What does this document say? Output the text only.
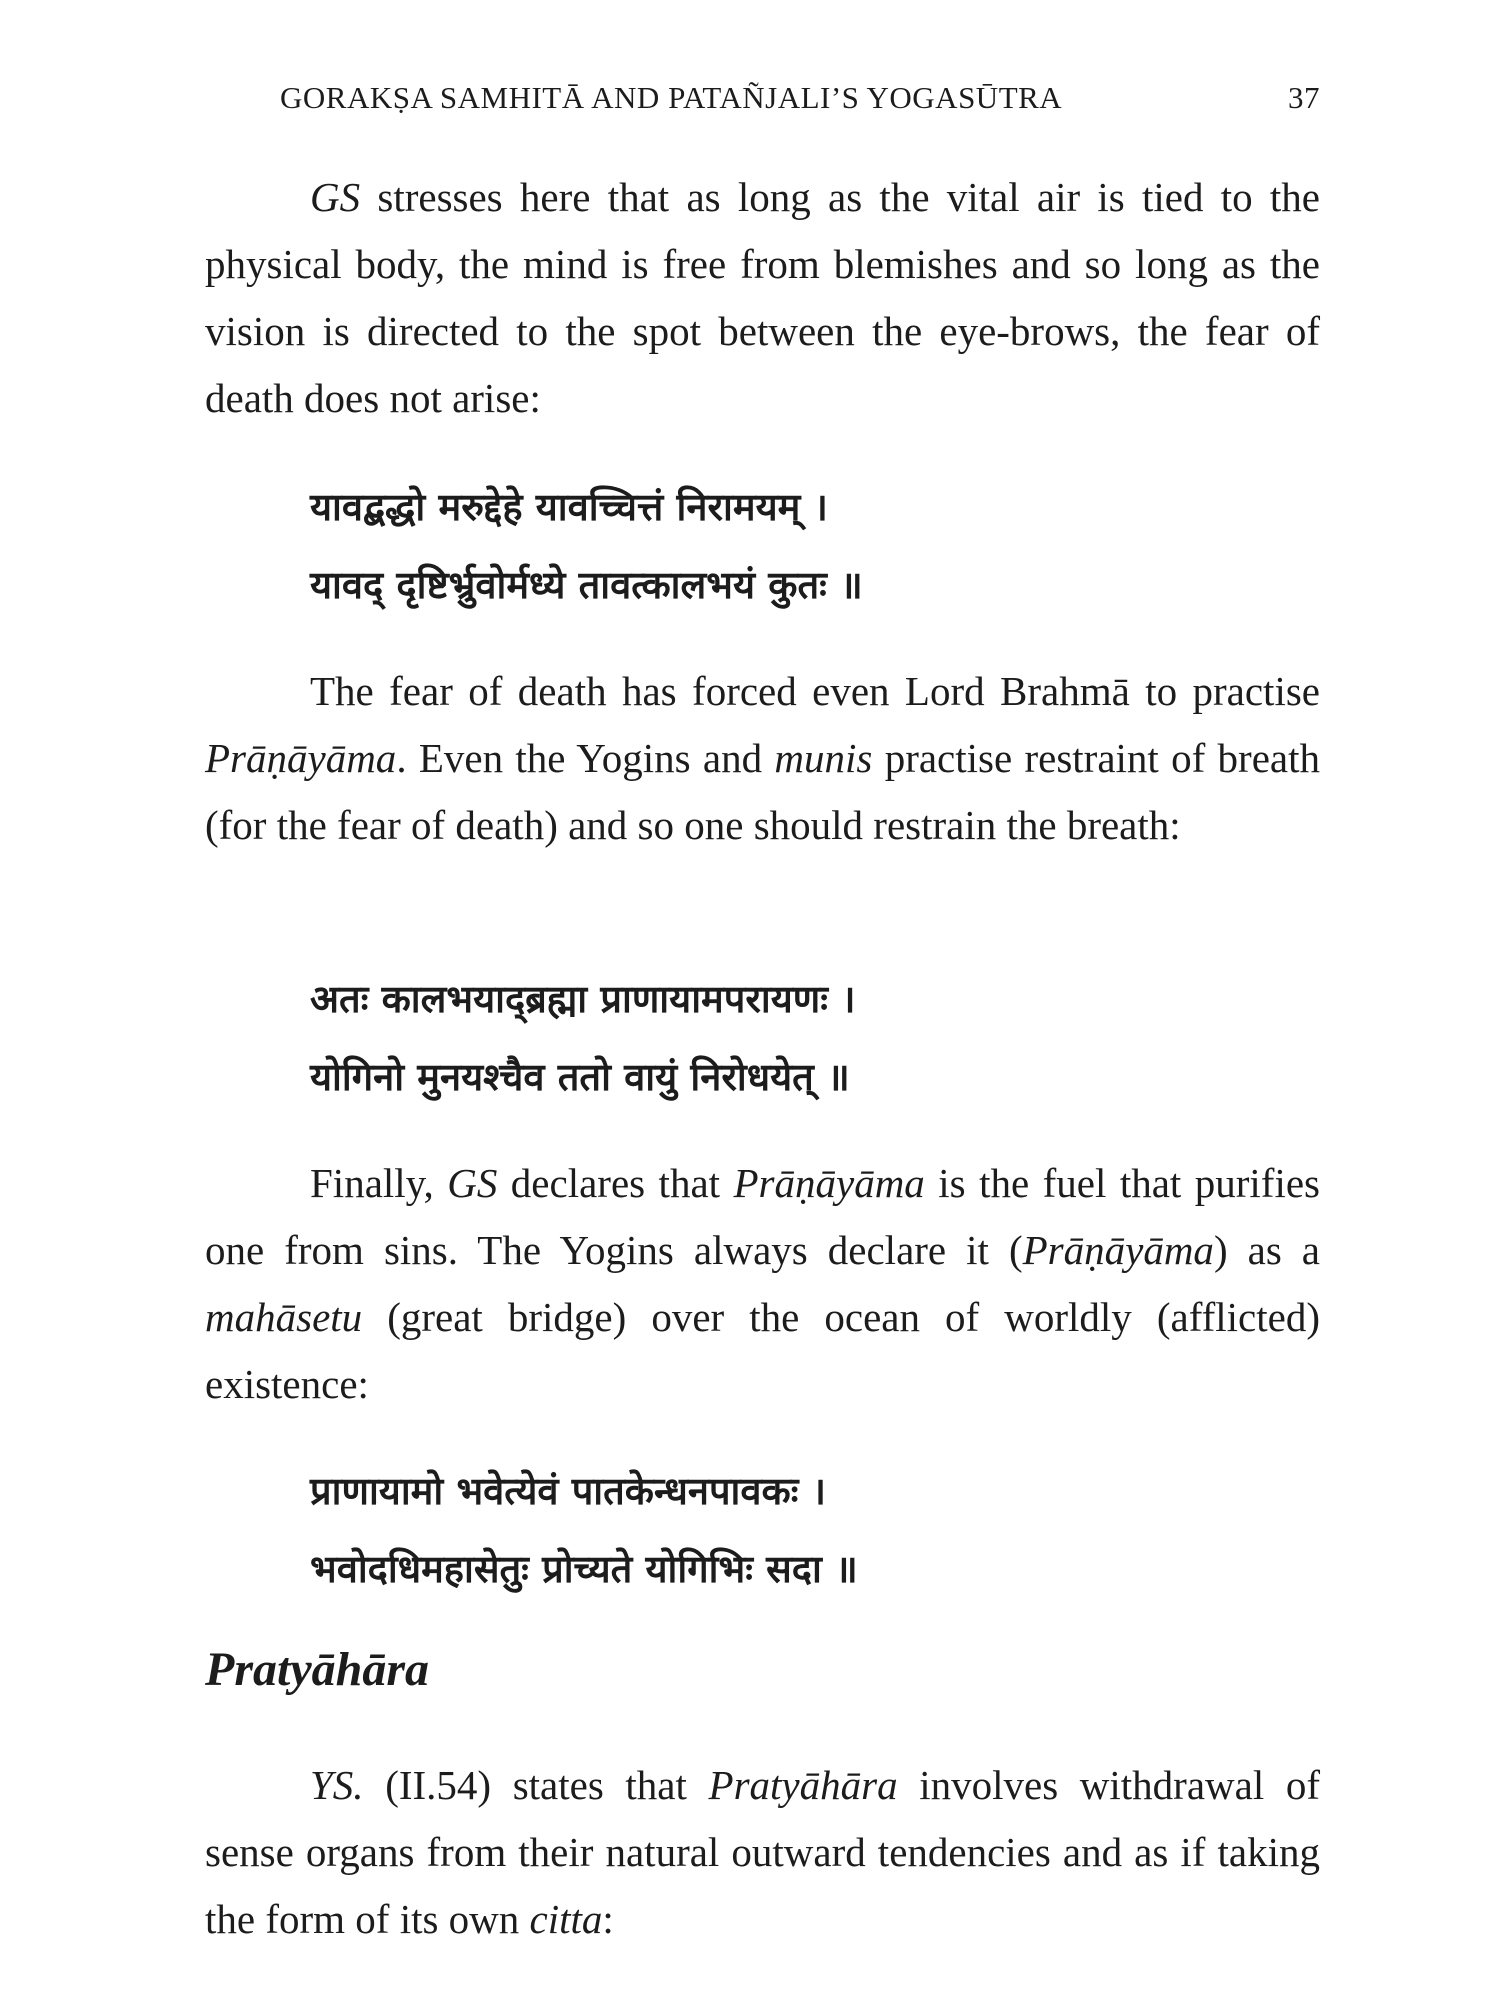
GORAKṢA SAMHITĀ AND PATAÑJALI’S YOGASŪTRA	37

GS stresses here that as long as the vital air is tied to the physical body, the mind is free from blemishes and so long as the vision is directed to the spot between the eye-brows, the fear of death does not arise:

यावद्बद्धो मरुद्देहे यावच्चित्तं निरामयम् ।
यावद् दृष्टिर्भ्रुवोर्मध्ये तावत्कालभयं कुतः ॥

The fear of death has forced even Lord Brahmā to practise Prāṇāyāma. Even the Yogins and munis practise restraint of breath (for the fear of death) and so one should restrain the breath:

अतः कालभयाद्ब्रह्मा प्राणायामपरायणः ।
योगिनो मुनयश्चैव ततो वायुं निरोधयेत् ॥

Finally, GS declares that Prāṇāyāma is the fuel that purifies one from sins. The Yogins always declare it (Prāṇāyāma) as a mahāsetu (great bridge) over the ocean of worldly (afflicted) existence:

प्राणायामो भवेत्येवं पातकेन्धनपावकः ।
भवोदधिमहासेतुः प्रोच्यते योगिभिः सदा ॥
Pratyāhāra

YS. (II.54) states that Pratyāhāra involves withdrawal of sense organs from their natural outward tendencies and as if taking the form of its own citta:
